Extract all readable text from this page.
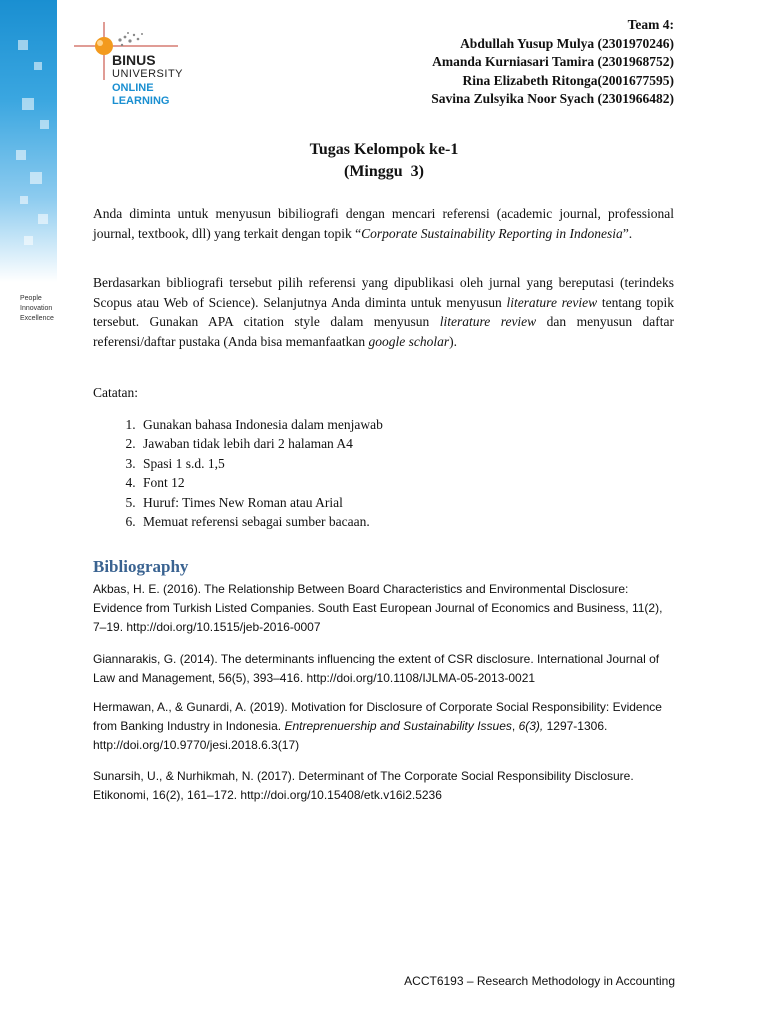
People
Innovation
Excellence
BINUS
UNIVERSITY
ONLINE
LEARNING
Team 4:
Abdullah Yusup Mulya (2301970246)
Amanda Kurniasari Tamira (2301968752)
Rina Elizabeth Ritonga(2001677595)
Savina Zulsyika Noor Syach (2301966482)
Tugas Kelompok ke-1
(Minggu  3)

Anda diminta untuk menyusun bibiliografi dengan mencari referensi (academic journal, professional journal, textbook, dll) yang terkait dengan topik “Corporate Sustainability Reporting in Indonesia”.

Berdasarkan bibliografi tersebut pilih referensi yang dipublikasi oleh jurnal yang bereputasi (terindeks Scopus atau Web of Science). Selanjutnya Anda diminta untuk menyusun literature review tentang topik tersebut. Gunakan APA citation style dalam menyusun literature review dan menyusun daftar referensi/daftar pustaka (Anda bisa memanfaatkan google scholar).

Catatan:
1. Gunakan bahasa Indonesia dalam menjawab
2. Jawaban tidak lebih dari 2 halaman A4
3. Spasi 1 s.d. 1,5
4. Font 12
5. Huruf: Times New Roman atau Arial
6. Memuat referensi sebagai sumber bacaan.
Bibliography
Akbas, H. E. (2016). The Relationship Between Board Characteristics and Environmental Disclosure: Evidence from Turkish Listed Companies. South East European Journal of Economics and Business, 11(2), 7–19. http://doi.org/10.1515/jeb-2016-0007
Giannarakis, G. (2014). The determinants influencing the extent of CSR disclosure. International Journal of Law and Management, 56(5), 393–416. http://doi.org/10.1108/IJLMA-05-2013-0021
Hermawan, A., & Gunardi, A. (2019). Motivation for Disclosure of Corporate Social Responsibility: Evidence from Banking Industry in Indonesia. Entreprenuership and Sustainability Issues, 6(3), 1297-1306. http://doi.org/10.9770/jesi.2018.6.3(17)
Sunarsih, U., & Nurhikmah, N. (2017). Determinant of The Corporate Social Responsibility Disclosure. Etikonomi, 16(2), 161–172. http://doi.org/10.15408/etk.v16i2.5236
ACCT6193 – Research Methodology in Accounting
